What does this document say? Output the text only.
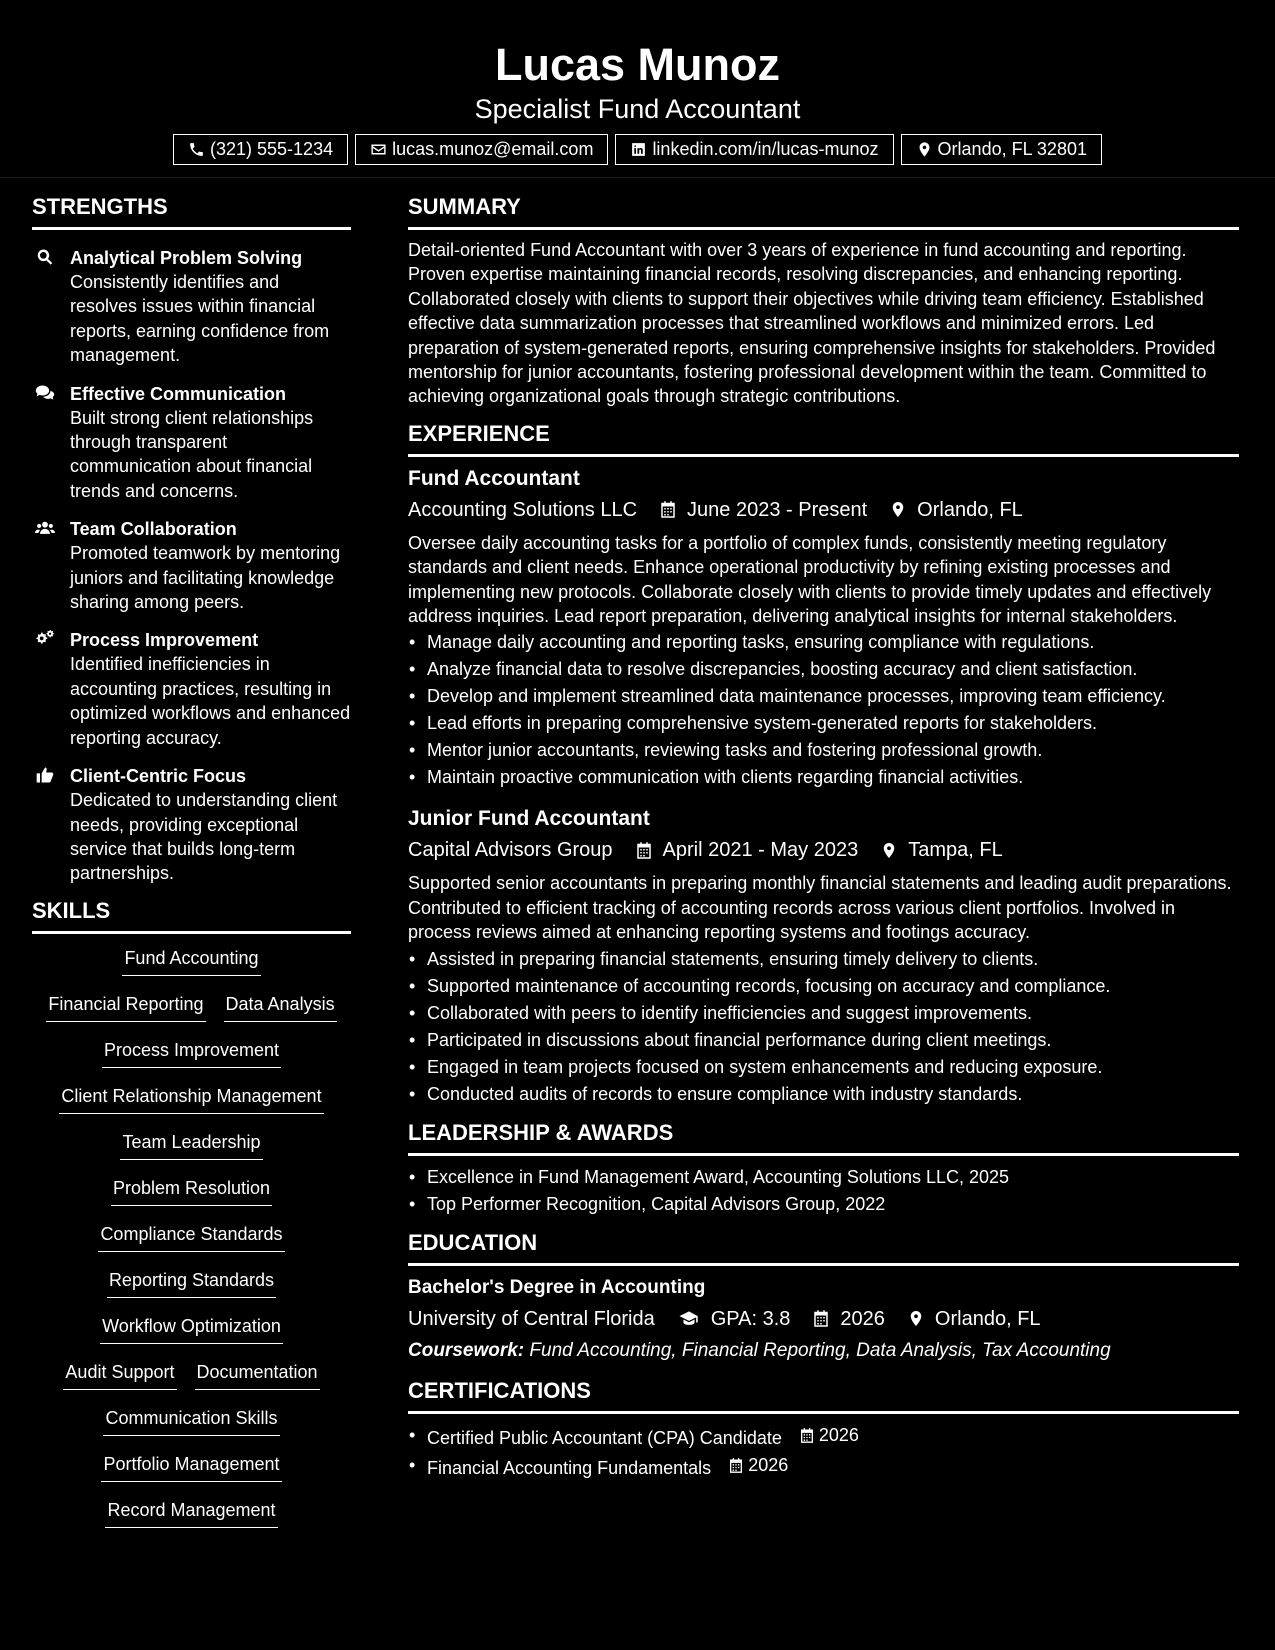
Lucas Munoz
Specialist Fund Accountant
(321) 555-1234	lucas.munoz@email.com	linkedin.com/in/lucas-munoz	Orlando, FL 32801
STRENGTHS
Analytical Problem Solving
Consistently identifies and resolves issues within financial reports, earning confidence from management.
Effective Communication
Built strong client relationships through transparent communication about financial trends and concerns.
Team Collaboration
Promoted teamwork by mentoring juniors and facilitating knowledge sharing among peers.
Process Improvement
Identified inefficiencies in accounting practices, resulting in optimized workflows and enhanced reporting accuracy.
Client-Centric Focus
Dedicated to understanding client needs, providing exceptional service that builds long-term partnerships.
SKILLS
Fund Accounting
Financial Reporting Data Analysis
Process Improvement
Client Relationship Management
Team Leadership
Problem Resolution
Compliance Standards
Reporting Standards
Workflow Optimization
Audit Support Documentation
Communication Skills
Portfolio Management
Record Management
SUMMARY
Detail-oriented Fund Accountant with over 3 years of experience in fund accounting and reporting. Proven expertise maintaining financial records, resolving discrepancies, and enhancing reporting. Collaborated closely with clients to support their objectives while driving team efficiency. Established effective data summarization processes that streamlined workflows and minimized errors. Led preparation of system-generated reports, ensuring comprehensive insights for stakeholders. Provided mentorship for junior accountants, fostering professional development within the team. Committed to achieving organizational goals through strategic contributions.
EXPERIENCE
Fund Accountant
Accounting Solutions LLC	June 2023 - Present	Orlando, FL
Oversee daily accounting tasks for a portfolio of complex funds, consistently meeting regulatory standards and client needs. Enhance operational productivity by refining existing processes and implementing new protocols. Collaborate closely with clients to provide timely updates and effectively address inquiries. Lead report preparation, delivering analytical insights for internal stakeholders.
• Manage daily accounting and reporting tasks, ensuring compliance with regulations.
• Analyze financial data to resolve discrepancies, boosting accuracy and client satisfaction.
• Develop and implement streamlined data maintenance processes, improving team efficiency.
• Lead efforts in preparing comprehensive system-generated reports for stakeholders.
• Mentor junior accountants, reviewing tasks and fostering professional growth.
• Maintain proactive communication with clients regarding financial activities.
Junior Fund Accountant
Capital Advisors Group	April 2021 - May 2023	Tampa, FL
Supported senior accountants in preparing monthly financial statements and leading audit preparations. Contributed to efficient tracking of accounting records across various client portfolios. Involved in process reviews aimed at enhancing reporting systems and footings accuracy.
• Assisted in preparing financial statements, ensuring timely delivery to clients.
• Supported maintenance of accounting records, focusing on accuracy and compliance.
• Collaborated with peers to identify inefficiencies and suggest improvements.
• Participated in discussions about financial performance during client meetings.
• Engaged in team projects focused on system enhancements and reducing exposure.
• Conducted audits of records to ensure compliance with industry standards.
LEADERSHIP & AWARDS
• Excellence in Fund Management Award, Accounting Solutions LLC, 2025
• Top Performer Recognition, Capital Advisors Group, 2022
EDUCATION
Bachelor's Degree in Accounting
University of Central Florida	GPA: 3.8	2026	Orlando, FL
Coursework: Fund Accounting, Financial Reporting, Data Analysis, Tax Accounting
CERTIFICATIONS
• Certified Public Accountant (CPA) Candidate 2026
• Financial Accounting Fundamentals 2026
